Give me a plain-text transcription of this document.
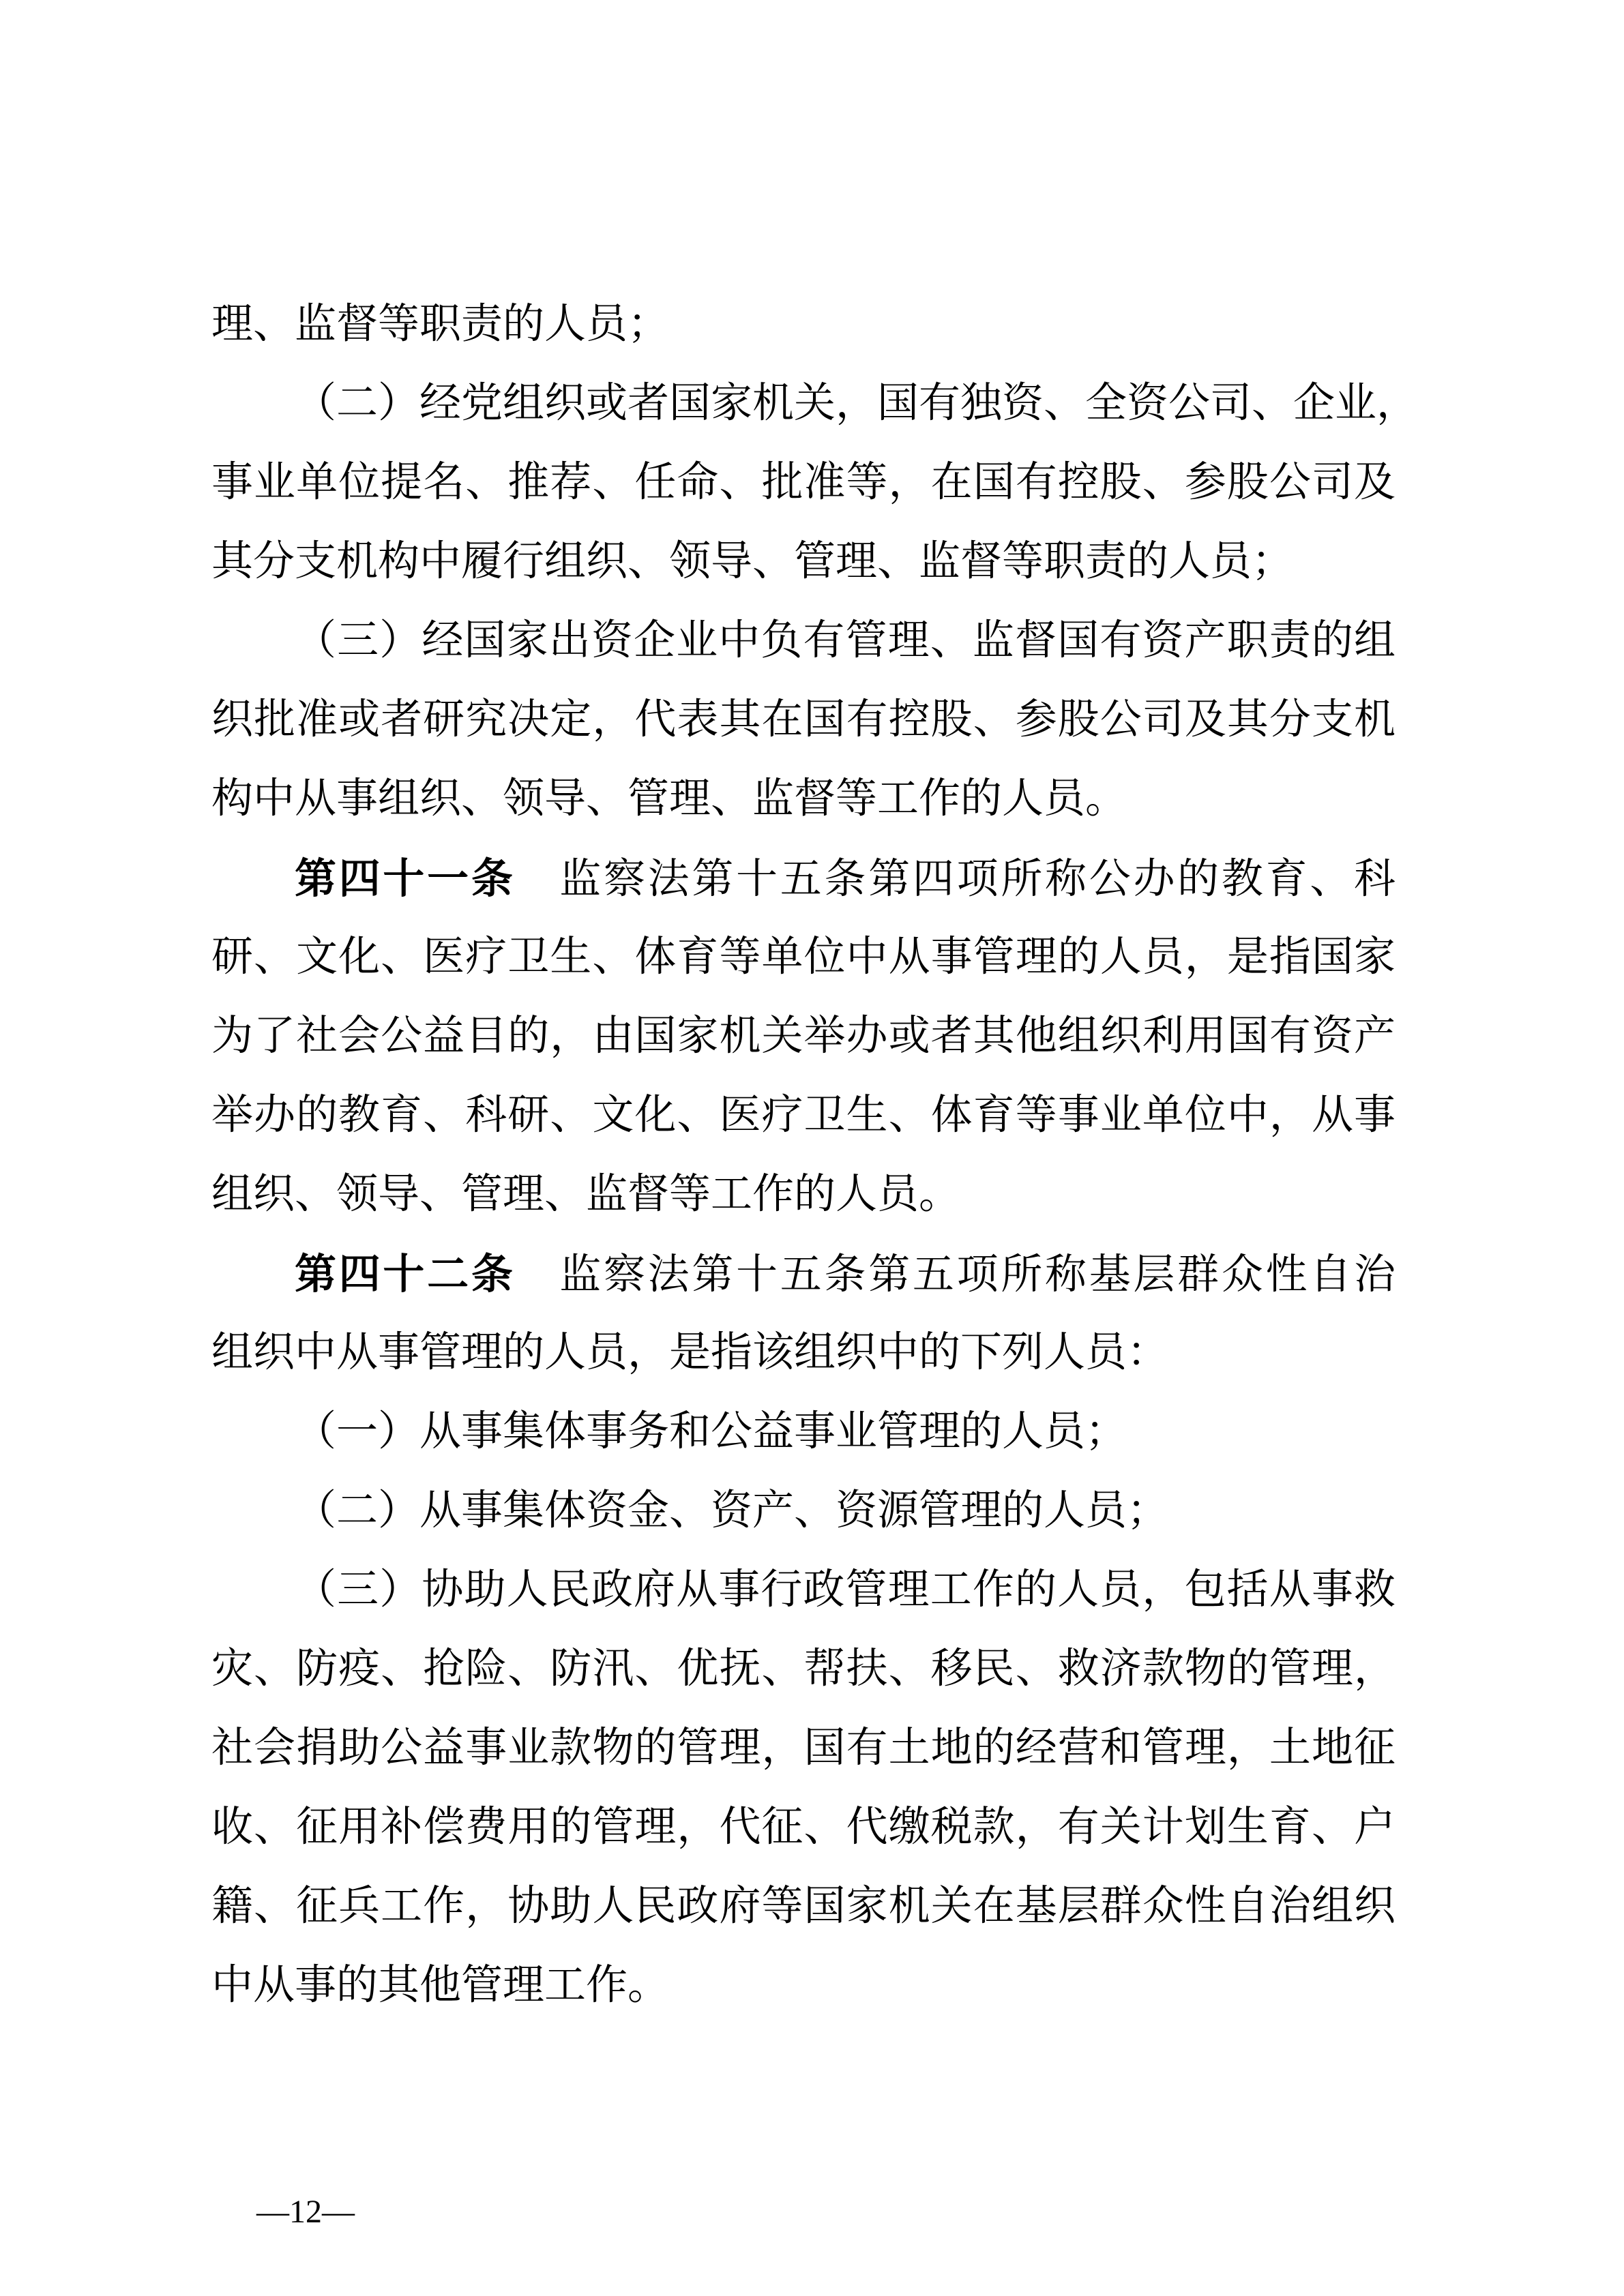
理、监督等职责的人员；
（二）经党组织或者国家机关，国有独资、全资公司、企业，
事业单位提名、推荐、任命、批准等，在国有控股、参股公司及
其分支机构中履行组织、领导、管理、监督等职责的人员；
（三）经国家出资企业中负有管理、监督国有资产职责的组
织批准或者研究决定，代表其在国有控股、参股公司及其分支机
构中从事组织、领导、管理、监督等工作的人员。
第四十一条 监察法第十五条第四项所称公办的教育、科
研、文化、医疗卫生、体育等单位中从事管理的人员，是指国家
为了社会公益目的，由国家机关举办或者其他组织利用国有资产
举办的教育、科研、文化、医疗卫生、体育等事业单位中，从事
组织、领导、管理、监督等工作的人员。
第四十二条 监察法第十五条第五项所称基层群众性自治
组织中从事管理的人员，是指该组织中的下列人员：
（一）从事集体事务和公益事业管理的人员；
（二）从事集体资金、资产、资源管理的人员；
（三）协助人民政府从事行政管理工作的人员，包括从事救
灾、防疫、抢险、防汛、优抚、帮扶、移民、救济款物的管理，
社会捐助公益事业款物的管理，国有土地的经营和管理，土地征
收、征用补偿费用的管理，代征、代缴税款，有关计划生育、户
籍、征兵工作，协助人民政府等国家机关在基层群众性自治组织
中从事的其他管理工作。
—12—
